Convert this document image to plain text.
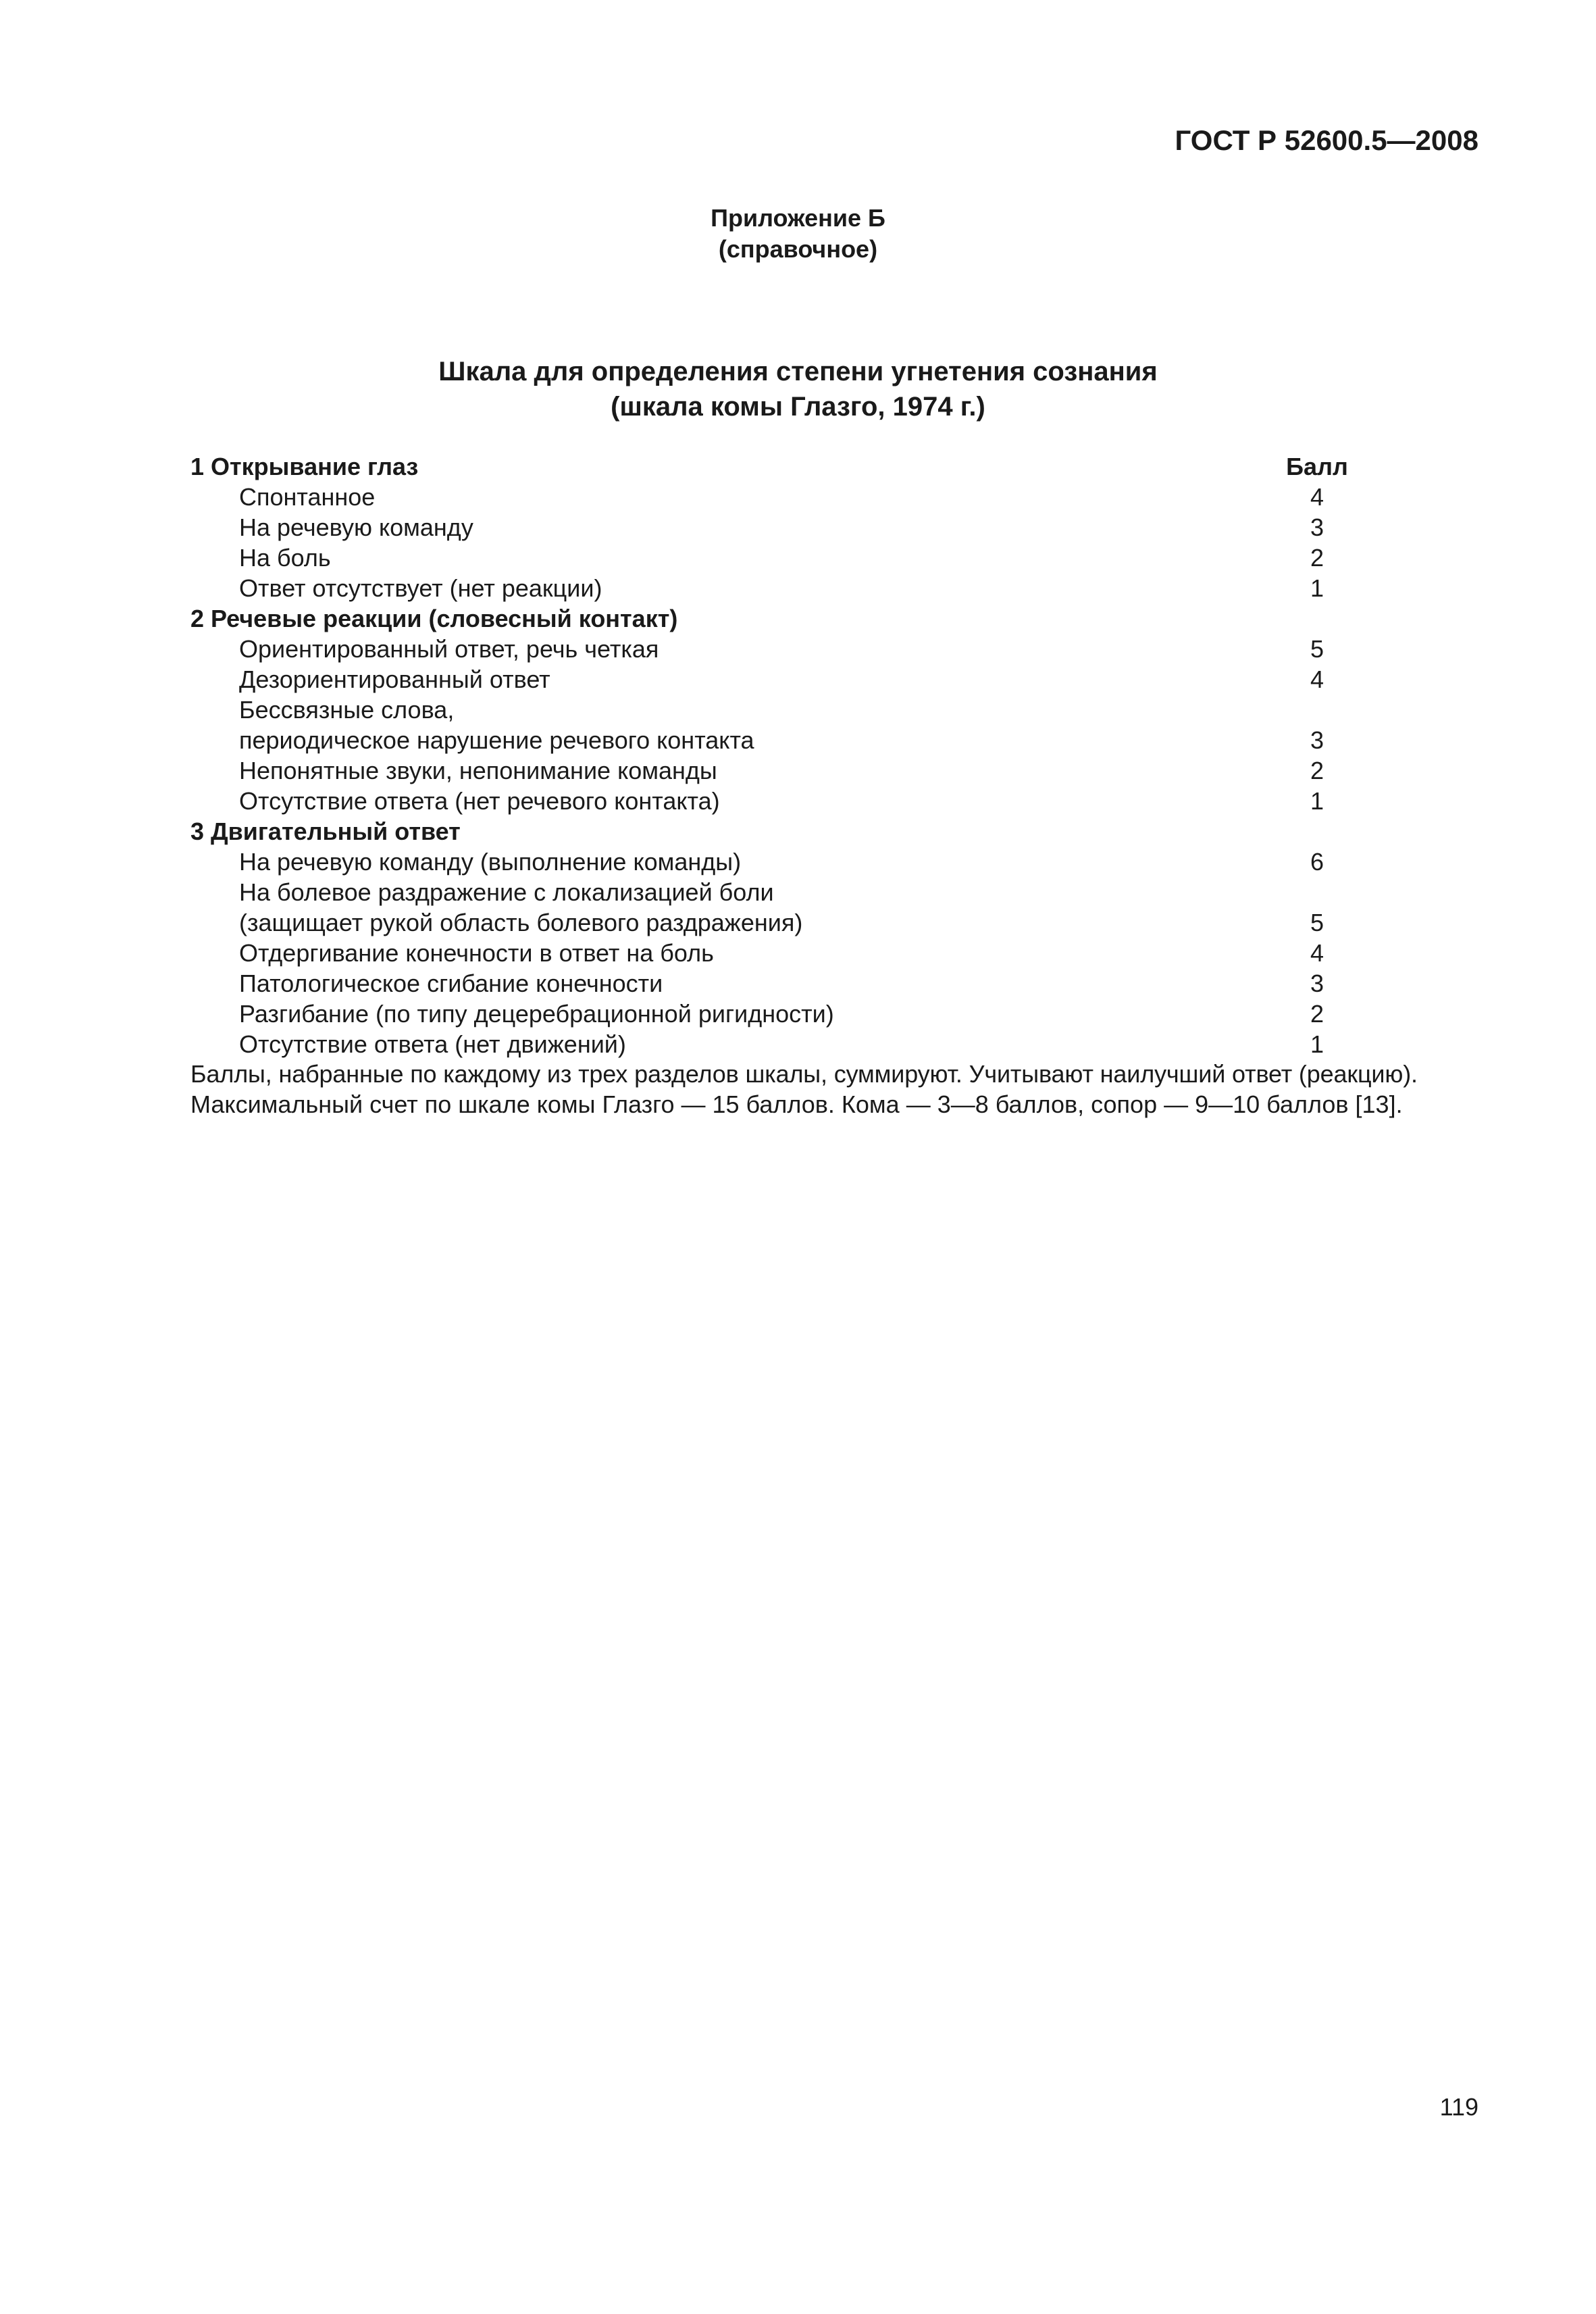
ГОСТ Р 52600.5—2008
Приложение Б
(справочное)
Шкала для определения степени угнетения сознания
(шкала комы Глазго, 1974 г.)
1 Открывание глаз	Балл
Спонтанное	4
На речевую команду	3
На боль	2
Ответ отсутствует (нет реакции)	1
2 Речевые реакции (словесный контакт)
Ориентированный ответ, речь четкая	5
Дезориентированный ответ	4
Бессвязные слова,
периодическое нарушение речевого контакта	3
Непонятные звуки, непонимание команды	2
Отсутствие ответа (нет речевого контакта)	1
3 Двигательный ответ
На речевую команду (выполнение команды)	6
На болевое раздражение с локализацией боли
(защищает рукой область болевого раздражения)	5
Отдергивание конечности в ответ на боль	4
Патологическое сгибание конечности	3
Разгибание (по типу децеребрационной ригидности)	2
Отсутствие ответа (нет движений)	1
Баллы, набранные по каждому из трех разделов шкалы, суммируют. Учитывают наилучший ответ (реакцию).
Максимальный счет по шкале комы Глазго — 15 баллов. Кома — 3—8 баллов, сопор — 9—10 баллов [13].
119
